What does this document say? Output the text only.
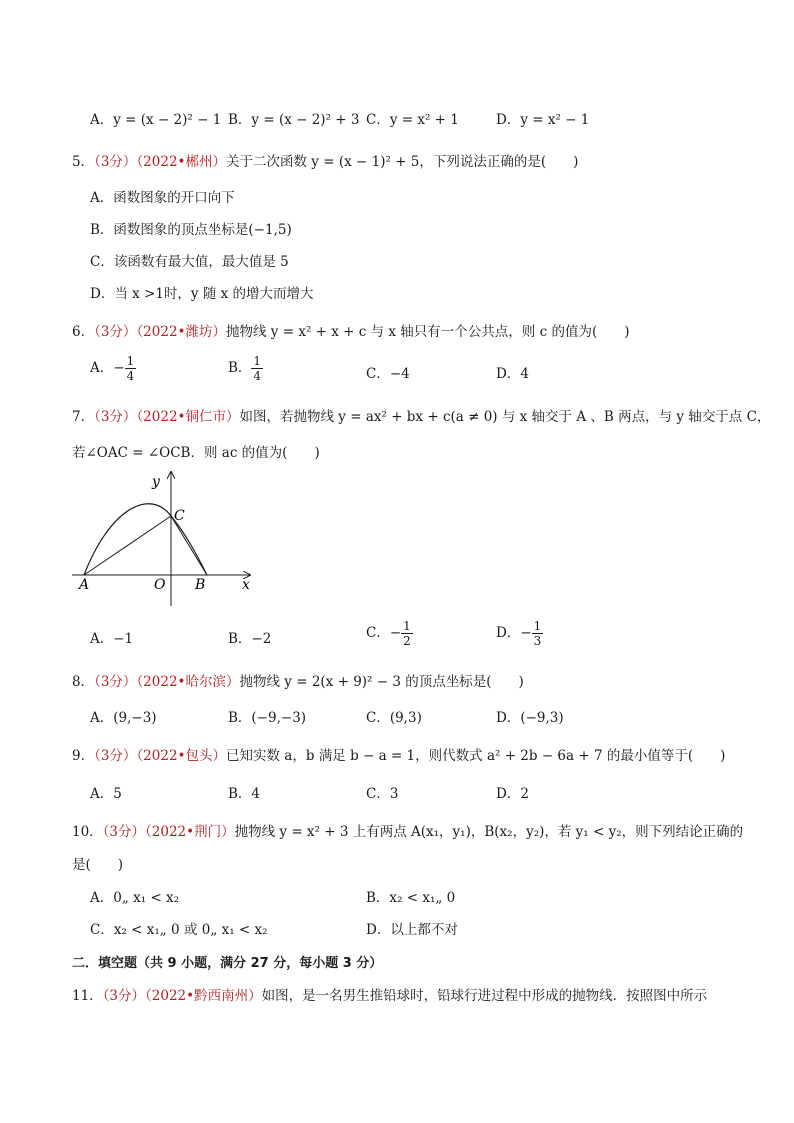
A．y = (x − 2)² − 1 B．y = (x − 2)² + 3 C．y = x² + 1	D．y = x² − 1
5．（3分）（2022•郴州）关于二次函数 y = (x − 1)² + 5，下列说法正确的是(　　)
A．函数图象的开口向下
B．函数图象的顶点坐标是(−1,5)
C．该函数有最大值，最大值是 5
D．当 x >1时，y 随 x 的增大而增大
6．（3分）（2022•潍坊）抛物线 y = x² + x + c 与 x 轴只有一个公共点，则 c 的值为(　　)
A．− $\frac{1}{4}$	B． $\frac{1}{4}$	C．−4	D．4
7．（3分）（2022•铜仁市）如图，若抛物线 y = ax² + bx + c(a ≠ 0) 与 x 轴交于 A 、B 两点，与 y 轴交于点 C，
若∠OAC = ∠OCB．则 ac 的值为(　　)
y
x
C
A	O B
A．−1	B．−2	C．− $\frac{1}{2}$	D．− $\frac{1}{3}$
8．（3分）（2022•哈尔滨）抛物线 y = 2(x + 9)² − 3 的顶点坐标是(　　)
A．(9,−3)	B．(−9,−3)	C．(9,3)	D．(−9,3)
9．（3分）（2022•包头）已知实数 a，b 满足 b − a = 1，则代数式 a² + 2b − 6a + 7 的最小值等于(　　)
A．5	B．4	C．3	D．2
10．（3分）（2022•荆门）抛物线 y = x² + 3 上有两点 A(x₁，y₁)，B(x₂，y₂)，若 y₁ < y₂，则下列结论正确的
是(　　)
A．0„ x₁ < x₂	B．x₂ < x₁„ 0
C．x₂ < x₁„ 0 或 0„ x₁ < x₂	D．以上都不对
二．填空题（共 9 小题，满分 27 分，每小题 3 分）
11．（3分）（2022•黔西南州）如图，是一名男生推铅球时，铅球行进过程中形成的抛物线．按照图中所示
